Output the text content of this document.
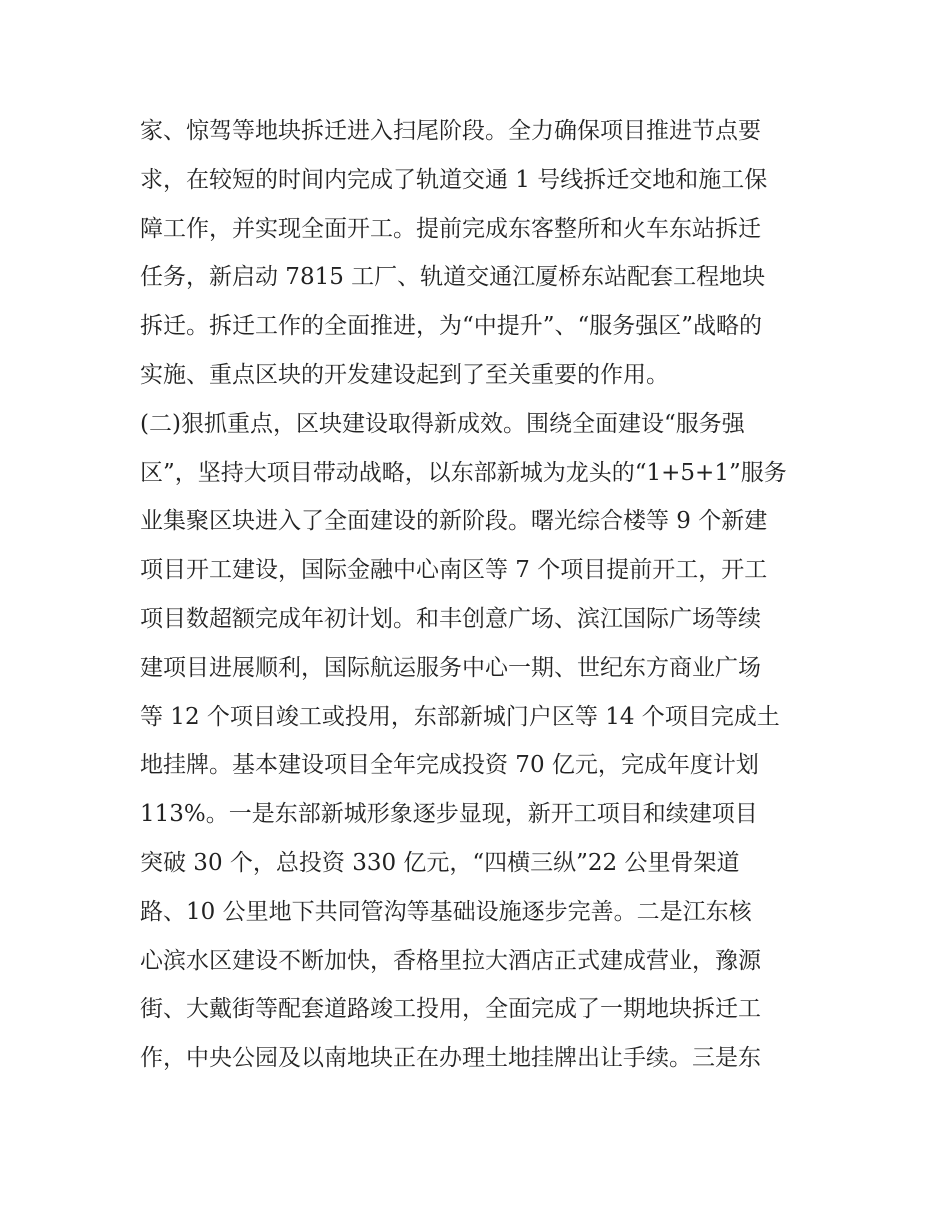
家、惊驾等地块拆迁进入扫尾阶段。全力确保项目推进节点要
求，在较短的时间内完成了轨道交通 1 号线拆迁交地和施工保
障工作，并实现全面开工。提前完成东客整所和火车东站拆迁
任务，新启动 7815 工厂、轨道交通江厦桥东站配套工程地块
拆迁。拆迁工作的全面推进，为“中提升”、“服务强区”战略的
实施、重点区块的开发建设起到了至关重要的作用。
(二)狠抓重点，区块建设取得新成效。围绕全面建设“服务强
区”，坚持大项目带动战略，以东部新城为龙头的“1+5+1”服务
业集聚区块进入了全面建设的新阶段。曙光综合楼等 9 个新建
项目开工建设，国际金融中心南区等 7 个项目提前开工，开工
项目数超额完成年初计划。和丰创意广场、滨江国际广场等续
建项目进展顺利，国际航运服务中心一期、世纪东方商业广场
等 12 个项目竣工或投用，东部新城门户区等 14 个项目完成土
地挂牌。基本建设项目全年完成投资 70 亿元，完成年度计划
113%。一是东部新城形象逐步显现，新开工项目和续建项目
突破 30 个，总投资 330 亿元，“四横三纵”22 公里骨架道
路、10 公里地下共同管沟等基础设施逐步完善。二是江东核
心滨水区建设不断加快，香格里拉大酒店正式建成营业，豫源
街、大戴街等配套道路竣工投用，全面完成了一期地块拆迁工
作，中央公园及以南地块正在办理土地挂牌出让手续。三是东
